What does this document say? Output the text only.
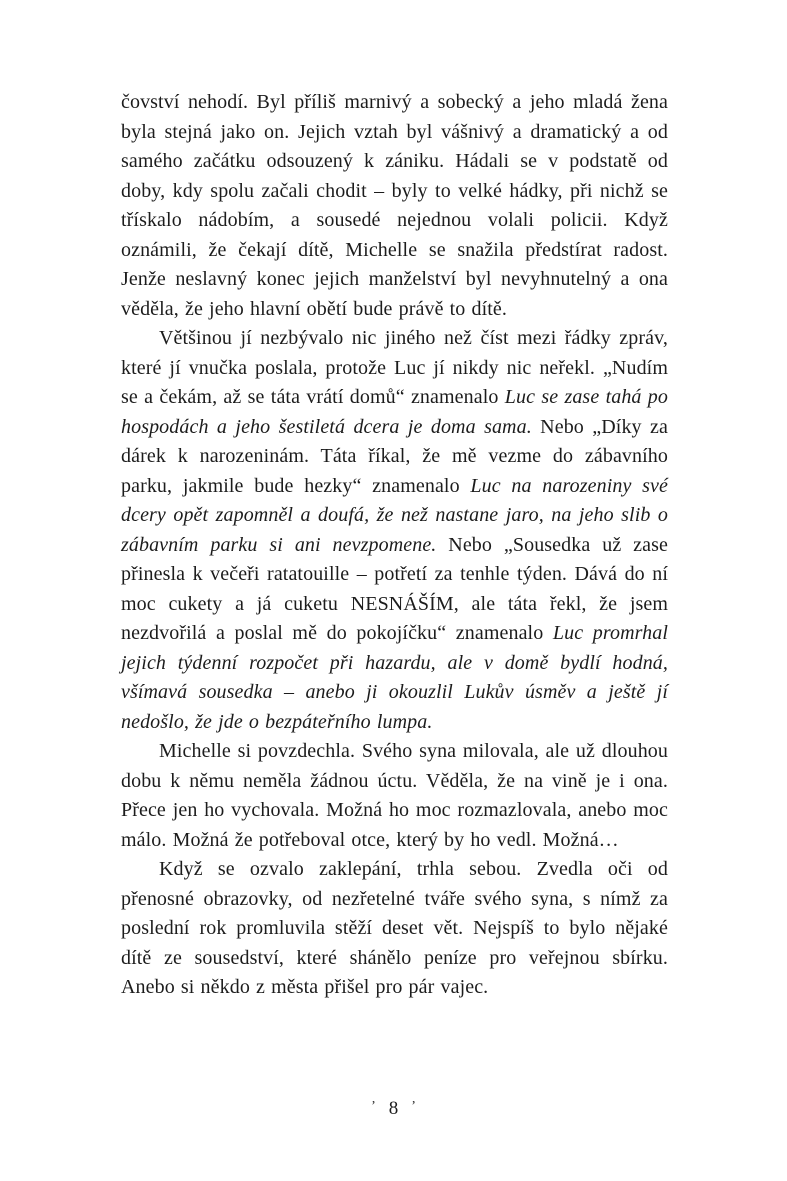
čovství nehodí. Byl příliš marnivý a sobecký a jeho mladá žena byla stejná jako on. Jejich vztah byl vášnivý a dramatický a od samého začátku odsouzený k zániku. Hádali se v podstatě od doby, kdy spolu začali chodit – byly to velké hádky, při nichž se třískalo nádobím, a sousedé nejednou volali policii. Když oznámili, že čekají dítě, Michelle se snažila předstírat radost. Jenže neslavný konec jejich manželství byl nevyhnutelný a ona věděla, že jeho hlavní obětí bude právě to dítě.

Většinou jí nezbývalo nic jiného než číst mezi řádky zpráv, které jí vnučka poslala, protože Luc jí nikdy nic neřekl. „Nudím se a čekám, až se táta vrátí domů“ znamenalo Luc se zase tahá po hospodách a jeho šestiletá dcera je doma sama. Nebo „Díky za dárek k narozeninám. Táta říkal, že mě vezme do zábavního parku, jakmile bude hezky“ znamenalo Luc na narozeniny své dcery opět zapomněl a doufá, že než nastane jaro, na jeho slib o zábavním parku si ani nevzpomene. Nebo „Sousedka už zase přinesla k večeři ratatouille – potřetí za tenhle týden. Dává do ní moc cukety a já cuketu NESNÁŠÍM, ale táta řekl, že jsem nezdvořilá a poslal mě do pokojíčku“ znamenalo Luc promrhal jejich týdenní rozpočet při hazardu, ale v domě bydlí hodná, všímavá sousedka – anebo ji okouzlil Lukův úsměv a ještě jí nedošlo, že jde o bezpáteřního lumpa.

Michelle si povzdechla. Svého syna milovala, ale už dlouhou dobu k němu neměla žádnou úctu. Věděla, že na vině je i ona. Přece jen ho vychovala. Možná ho moc rozmazlovala, anebo moc málo. Možná že potřeboval otce, který by ho vedl. Možná…

Když se ozvalo zaklepání, trhla sebou. Zvedla oči od přenosné obrazovky, od nezřetelné tváře svého syna, s nímž za poslední rok promluvila stěží deset vět. Nejspíš to bylo nějaké dítě ze sousedství, které shánělo peníze pro veřejnou sbírku. Anebo si někdo z města přišel pro pár vajec.

’ 8 ’
